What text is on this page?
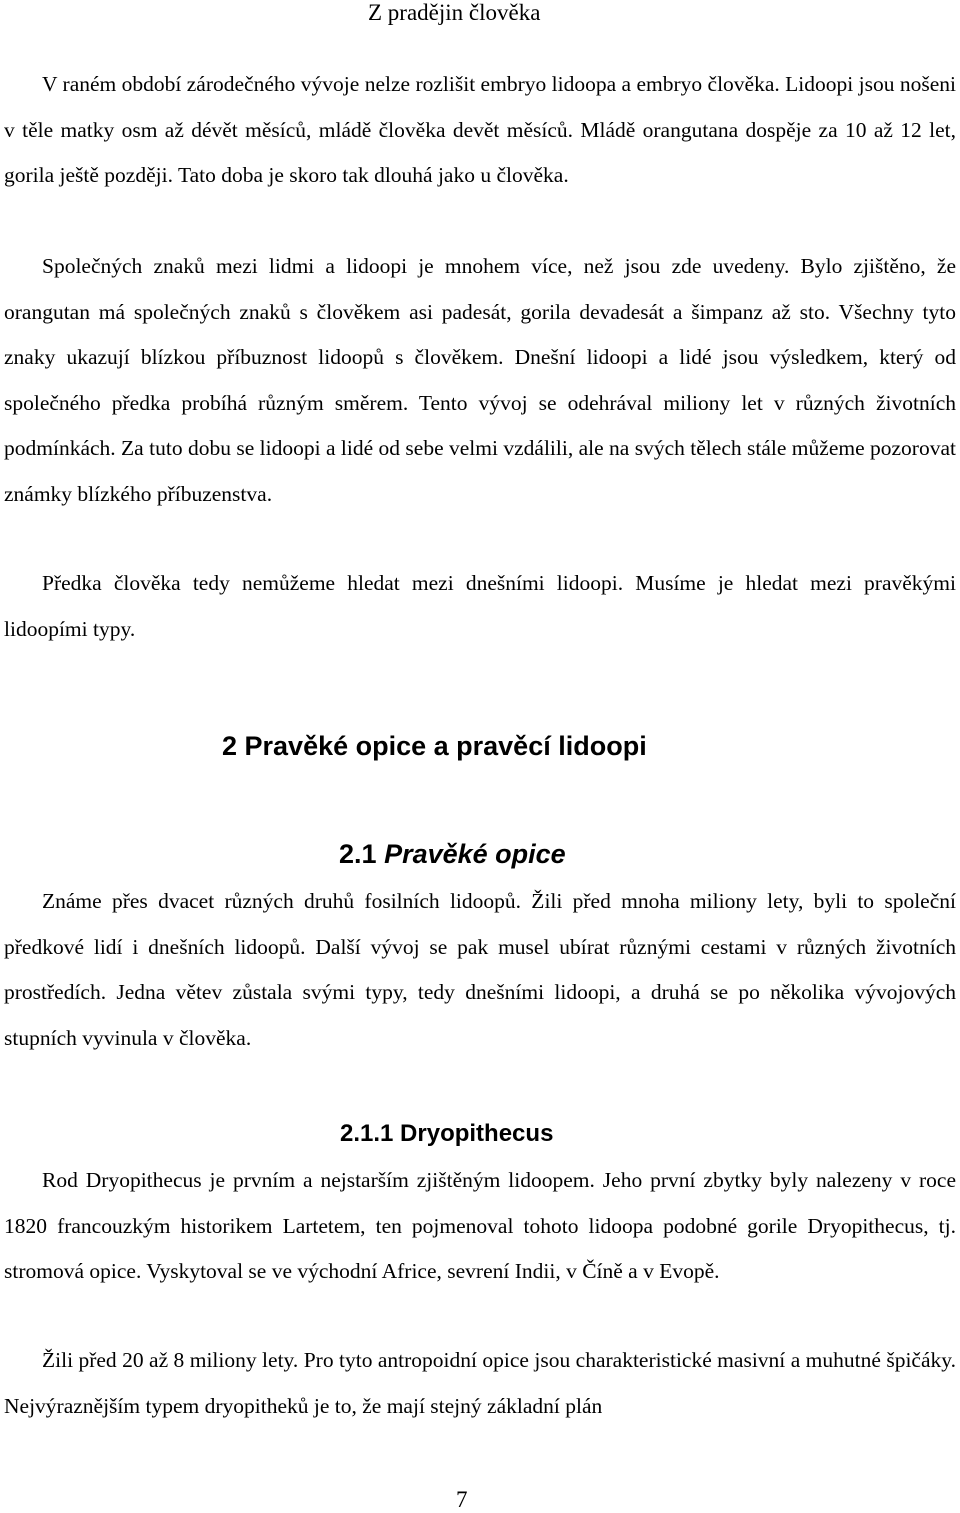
Z pradějin člověka

V raném období zárodečného vývoje nelze rozlišit embryo lidoopa a embryo člověka. Lidoopi jsou nošeni v těle matky osm až dévět měsíců, mládě člověka devět měsíců. Mládě orangutana dospěje za 10 až 12 let, gorila ještě později. Tato doba je skoro tak dlouhá jako u člověka.

Společných znaků mezi lidmi a lidoopi je mnohem více, než jsou zde uvedeny. Bylo zjištěno, že orangutan má společných znaků s člověkem asi padesát, gorila devadesát a šimpanz až sto. Všechny tyto znaky ukazují blízkou příbuznost lidoopů s člověkem. Dnešní lidoopi a lidé jsou výsledkem, který od společného předka probíhá různým směrem. Tento vývoj se odehrával miliony let v různých životních podmínkách. Za tuto dobu se lidoopi a lidé od sebe velmi vzdálili, ale na svých tělech stále můžeme pozorovat známky blízkého příbuzenstva.

Předka člověka tedy nemůžeme hledat mezi dnešními lidoopi. Musíme je hledat mezi pravěkými lidoopími typy.

2 Pravěké opice a pravěcí lidoopi
2.1 Pravěké opice

Známe přes dvacet různých druhů fosilních lidoopů. Žili před mnoha miliony lety, byli to společní předkové lidí i dnešních lidoopů. Další vývoj se pak musel ubírat různými cestami v různých životních prostředích. Jedna větev zůstala svými typy, tedy dnešními lidoopi, a druhá se po několika vývojových stupních vyvinula v člověka.

2.1.1 Dryopithecus

Rod Dryopithecus je prvním a nejstarším zjištěným lidoopem. Jeho první zbytky byly nalezeny v roce 1820 francouzkým historikem Lartetem, ten pojmenoval tohoto lidoopa podobné gorile Dryopithecus, tj. stromová opice. Vyskytoval se ve východní Africe, sevrení Indii, v Číně a v Evopě.

Žili před 20 až 8 miliony lety. Pro tyto antropoidní opice jsou charakteristické masivní a muhutné špičáky. Nejvýraznějším typem dryopitheků je to, že mají stejný základní plán

7
